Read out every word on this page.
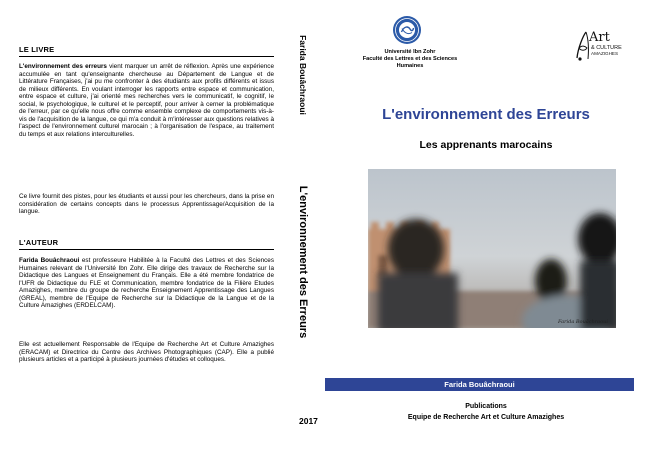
LE LIVRE

L'environnement des erreurs vient marquer un arrêt de réflexion. Après une expérience accumulée en tant qu'enseignante chercheuse au Département de Langue et de Littérature Françaises, j'ai pu me confronter à des étudiants aux profils différents et issus de milieux différents. En voulant interroger les rapports entre espace et communication, entre espace et culture, j'ai orienté mes recherches vers le communicatif, le cognitif, le social, le psychologique, le culturel et le perceptif, pour arriver à cerner la problématique de l'erreur, par ce qu'elle nous offre comme ensemble complexe de comportements vis-à-vis de l'acquisition de la langue, ce qui m'a conduit à m'intéresser aux questions relatives à l'aspect de l'environnement culturel marocain ; à l'organisation de l'espace, au traitement du temps et aux relations interculturelles.

Ce livre fournit des pistes, pour les étudiants et aussi pour les chercheurs, dans la prise en considération de certains concepts dans le processus Apprentissage/Acquisition de la langue.

L'AUTEUR

Farida Bouâchraoui est professeure Habilitée à la Faculté des Lettres et des Sciences Humaines relevant de l'Université Ibn Zohr. Elle dirige des travaux de Recherche sur la Didactique des Langues et Enseignement du Français. Elle a été membre fondatrice de l'UFR de Didactique du FLE et Communication, membre fondatrice de la Filière Etudes Amazighes, membre du groupe de recherche Enseignement Apprentissage des Langues (GREAL), membre de l'Equipe de Recherche sur la Didactique de la Langue et de la Culture Amazighes (ERDELCAM).

Elle est actuellement Responsable de l'Equipe de Recherche Art et Culture Amazighes (ERACAM) et Directrice du Centre des Archives Photographiques (CAP). Elle a publié plusieurs articles et a participé à plusieurs journées d'études et colloques.

Farida Bouâchraoui
L'environnement des Erreurs
2017
Université Ibn Zohr
Faculté des Lettres et des Sciences
Humaines
Art
& CULTURE
AMAZIGHES
L'environnement des Erreurs
Les apprenants marocains
Farida Bouâchraoui
Farida Bouâchraoui
Publications
Equipe de Recherche Art et Culture Amazighes
